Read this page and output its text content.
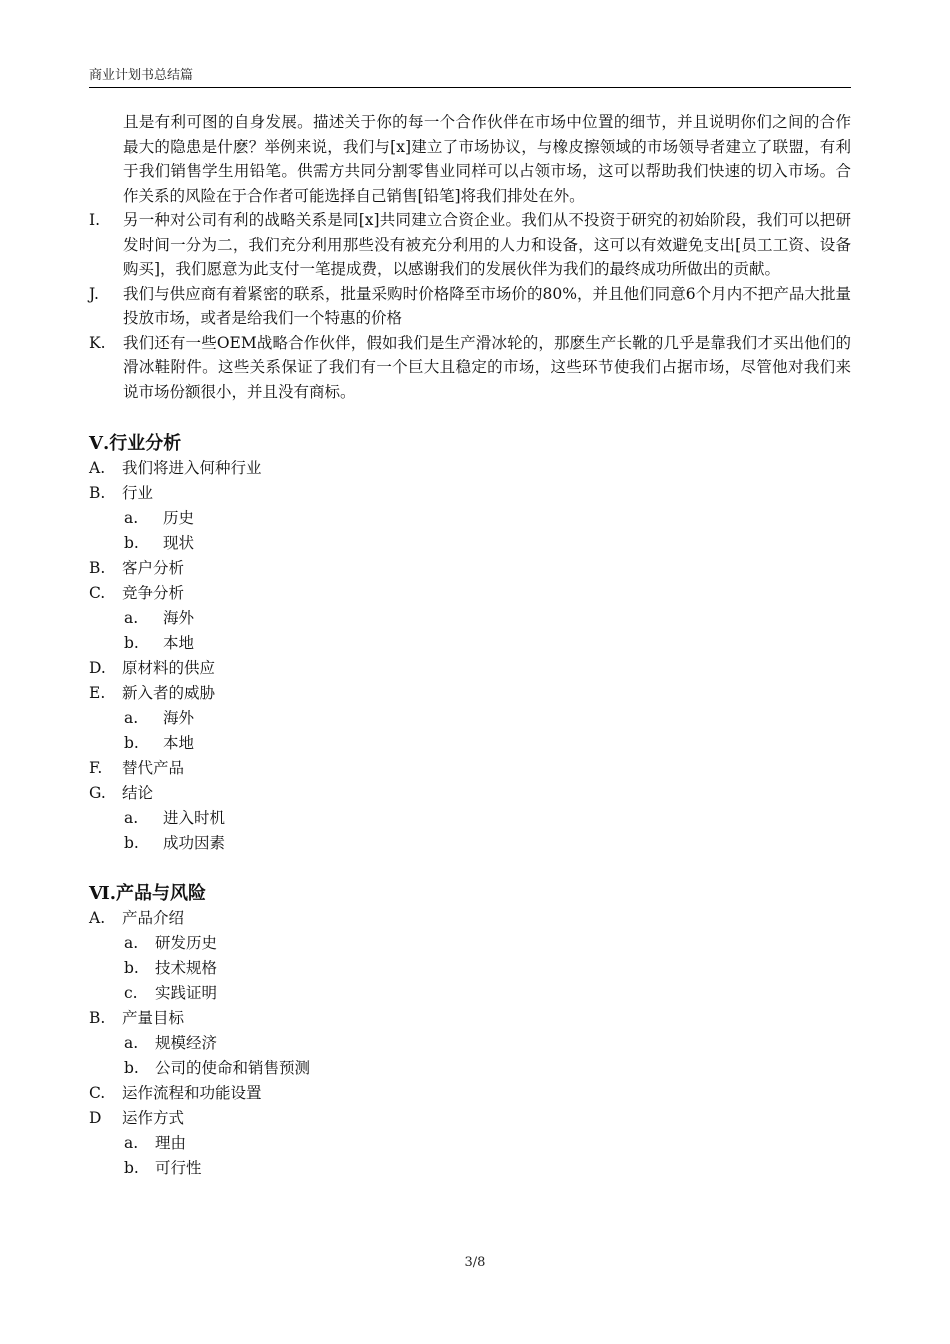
商业计划书总结篇

且是有利可图的自身发展。描述关于你的每一个合作伙伴在市场中位置的细节，并且说明你们之间的合作最大的隐患是什麽？举例来说，我们与[x]建立了市场协议，与橡皮擦领域的市场领导者建立了联盟，有利于我们销售学生用铅笔。供需方共同分割零售业同样可以占领市场，这可以帮助我们快速的切入市场。合作关系的风险在于合作者可能选择自己销售[铅笔]将我们排处在外。

I. 另一种对公司有利的战略关系是同[x]共同建立合资企业。我们从不投资于研究的初始阶段，我们可以把研发时间一分为二，我们充分利用那些没有被充分利用的人力和设备，这可以有效避免支出[员工工资、设备购买]，我们愿意为此支付一笔提成费，以感谢我们的发展伙伴为我们的最终成功所做出的贡献。
J. 我们与供应商有着紧密的联系，批量采购时价格降至市场价的80%，并且他们同意6个月内不把产品大批量投放市场，或者是给我们一个特惠的价格
K. 我们还有一些OEM战略合作伙伴，假如我们是生产滑冰轮的，那麽生产长靴的几乎是靠我们才买出他们的滑冰鞋附件。这些关系保证了我们有一个巨大且稳定的市场，这些环节使我们占据市场，尽管他对我们来说市场份额很小，并且没有商标。
Ⅴ.行业分析
A. 我们将进入何种行业
B. 行业
a. 历史
b. 现状
B. 客户分析
C. 竞争分析
a. 海外
b. 本地
D. 原材料的供应
E. 新入者的威胁
a. 海外
b. 本地
F. 替代产品
G. 结论
a. 进入时机
b. 成功因素
Ⅵ.产品与风险
A. 产品介绍
a. 研发历史
b. 技术规格
c. 实践证明
B. 产量目标
a. 规模经济
b. 公司的使命和销售预测
C. 运作流程和功能设置
D 运作方式
a. 理由
b. 可行性
3/8
